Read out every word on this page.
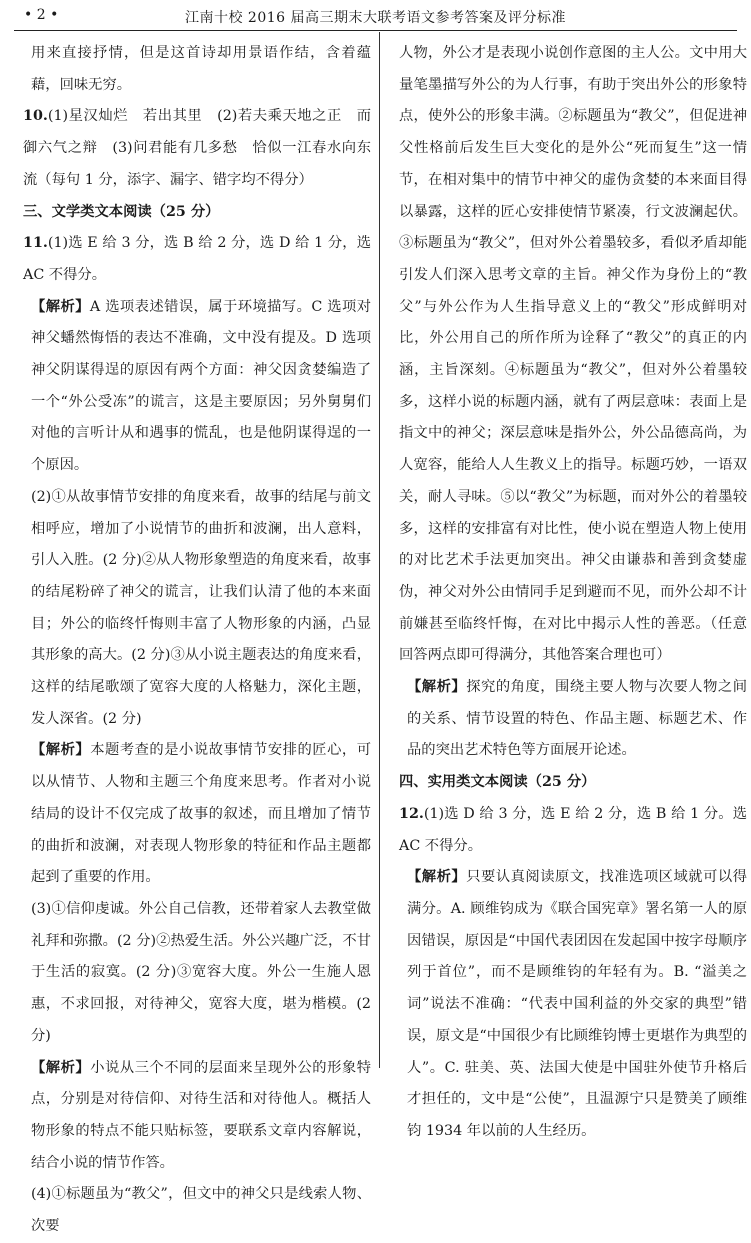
• 2 •	江南十校 2016 届高三期末大联考语文参考答案及评分标准

用来直接抒情，但是这首诗却用景语作结，含着蕴藉，回味无穷。

10.(1)星汉灿烂　若出其里　(2)若夫乘天地之正　而御六气之辩　(3)问君能有几多愁　恰似一江春水向东流（每句 1 分，添字、漏字、错字均不得分）

三、文学类文本阅读（25 分）

11.(1)选 E 给 3 分，选 B 给 2 分，选 D 给 1 分，选 AC 不得分。

【解析】A 选项表述错误，属于环境描写。C 选项对神父蟠然悔悟的表达不准确，文中没有提及。D 选项神父阴谋得逞的原因有两个方面：神父因贪婪编造了一个“外公受冻”的谎言，这是主要原因；另外舅舅们对他的言听计从和遇事的慌乱，也是他阴谋得逞的一个原因。

(2)①从故事情节安排的角度来看，故事的结尾与前文相呼应，增加了小说情节的曲折和波澜，出人意料，引人入胜。(2 分)②从人物形象塑造的角度来看，故事的结尾粉碎了神父的谎言，让我们认清了他的本来面目；外公的临终忏悔则丰富了人物形象的内涵，凸显其形象的高大。(2 分)③从小说主题表达的角度来看，这样的结尾歌颂了宽容大度的人格魅力，深化主题，发人深省。(2 分)

【解析】本题考查的是小说故事情节安排的匠心，可以从情节、人物和主题三个角度来思考。作者对小说结局的设计不仅完成了故事的叙述，而且增加了情节的曲折和波澜，对表现人物形象的特征和作品主题都起到了重要的作用。

(3)①信仰虔诚。外公自己信教，还带着家人去教堂做礼拜和弥撒。(2 分)②热爱生活。外公兴趣广泛，不甘于生活的寂寞。(2 分)③宽容大度。外公一生施人恩惠，不求回报，对待神父，宽容大度，堪为楷模。(2 分)

【解析】小说从三个不同的层面来呈现外公的形象特点，分别是对待信仰、对待生活和对待他人。概括人物形象的特点不能只贴标签，要联系文章内容解说，结合小说的情节作答。

(4)①标题虽为“教父”，但文中的神父只是线索人物、次要

人物，外公才是表现小说创作意图的主人公。文中用大量笔墨描写外公的为人行事，有助于突出外公的形象特点，使外公的形象丰满。②标题虽为“教父”，但促进神父性格前后发生巨大变化的是外公“死而复生”这一情节，在相对集中的情节中神父的虚伪贪婪的本来面目得以暴露，这样的匠心安排使情节紧凑，行文波澜起伏。③标题虽为“教父”，但对外公着墨较多，看似矛盾却能引发人们深入思考文章的主旨。神父作为身份上的“教父”与外公作为人生指导意义上的“教父”形成鲜明对比，外公用自己的所作所为诠释了“教父”的真正的内涵，主旨深刻。④标题虽为“教父”，但对外公着墨较多，这样小说的标题内涵，就有了两层意味：表面上是指文中的神父；深层意味是指外公，外公品德高尚，为人宽容，能给人人生教义上的指导。标题巧妙，一语双关，耐人寻味。⑤以“教父”为标题，而对外公的着墨较多，这样的安排富有对比性，使小说在塑造人物上使用的对比艺术手法更加突出。神父由谦恭和善到贪婪虚伪，神父对外公由情同手足到避而不见，而外公却不计前嫌甚至临终忏悔，在对比中揭示人性的善恶。（任意回答两点即可得满分，其他答案合理也可）

【解析】探究的角度，围绕主要人物与次要人物之间的关系、情节设置的特色、作品主题、标题艺术、作品的突出艺术特色等方面展开论述。

四、实用类文本阅读（25 分）

12.(1)选 D 给 3 分，选 E 给 2 分，选 B 给 1 分。选 AC 不得分。

【解析】只要认真阅读原文，找准选项区域就可以得满分。A. 顾维钧成为《联合国宪章》署名第一人的原因错误，原因是“中国代表团因在发起国中按字母顺序列于首位”，而不是顾维钧的年轻有为。B. “溢美之词”说法不准确：“代表中国利益的外交家的典型”错误，原文是“中国很少有比顾维钧博士更堪作为典型的人”。C. 驻美、英、法国大使是中国驻外使节升格后才担任的，文中是“公使”，且温源宁只是赞美了顾维钧 1934 年以前的人生经历。
